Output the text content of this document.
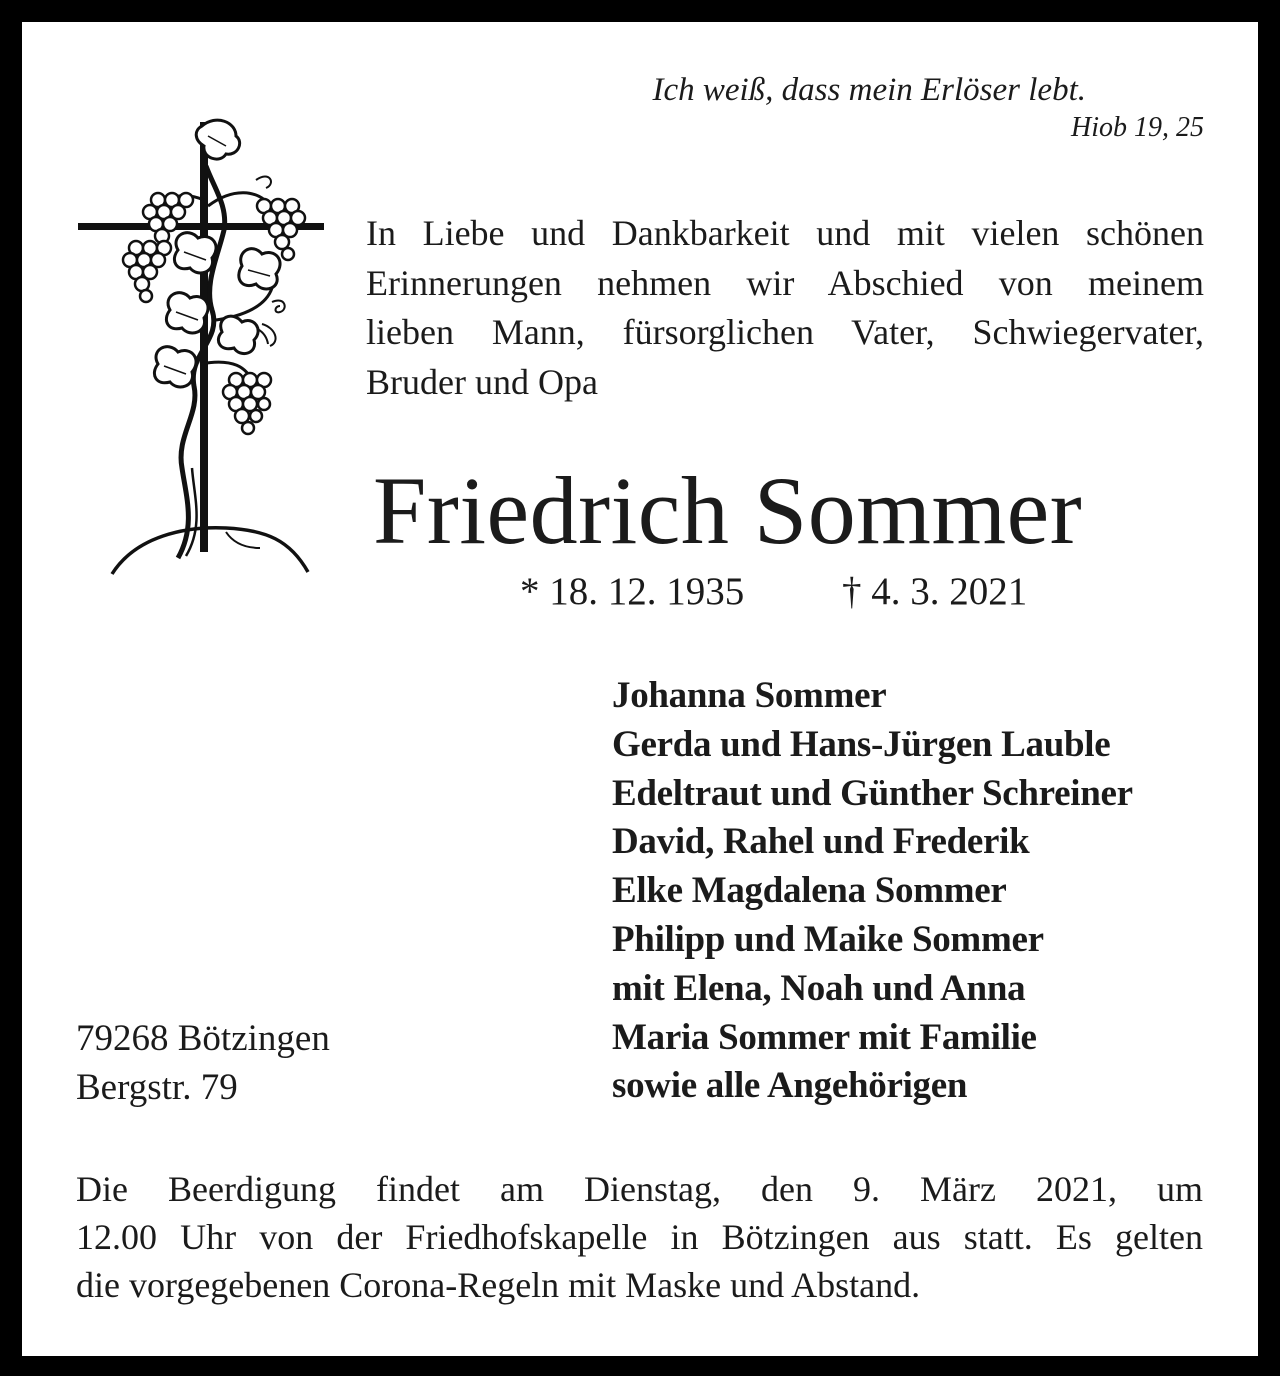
Ich weiß, dass mein Erlöser lebt.
Hiob 19, 25
In Liebe und Dankbarkeit und mit vielen schönen
Erinnerungen nehmen wir Abschied von meinem
lieben Mann, fürsorglichen Vater, Schwiegervater,
Bruder und Opa
Friedrich Sommer
* 18. 12. 1935	† 4. 3. 2021
Johanna Sommer
Gerda und Hans-Jürgen Lauble
Edeltraut und Günther Schreiner
David, Rahel und Frederik
Elke Magdalena Sommer
Philipp und Maike Sommer
mit Elena, Noah und Anna
Maria Sommer mit Familie
sowie alle Angehörigen
79268 Bötzingen
Bergstr. 79
Die Beerdigung findet am Dienstag, den 9. März 2021, um
12.00 Uhr von der Friedhofskapelle in Bötzingen aus statt. Es gelten
die vorgegebenen Corona-Regeln mit Maske und Abstand.
